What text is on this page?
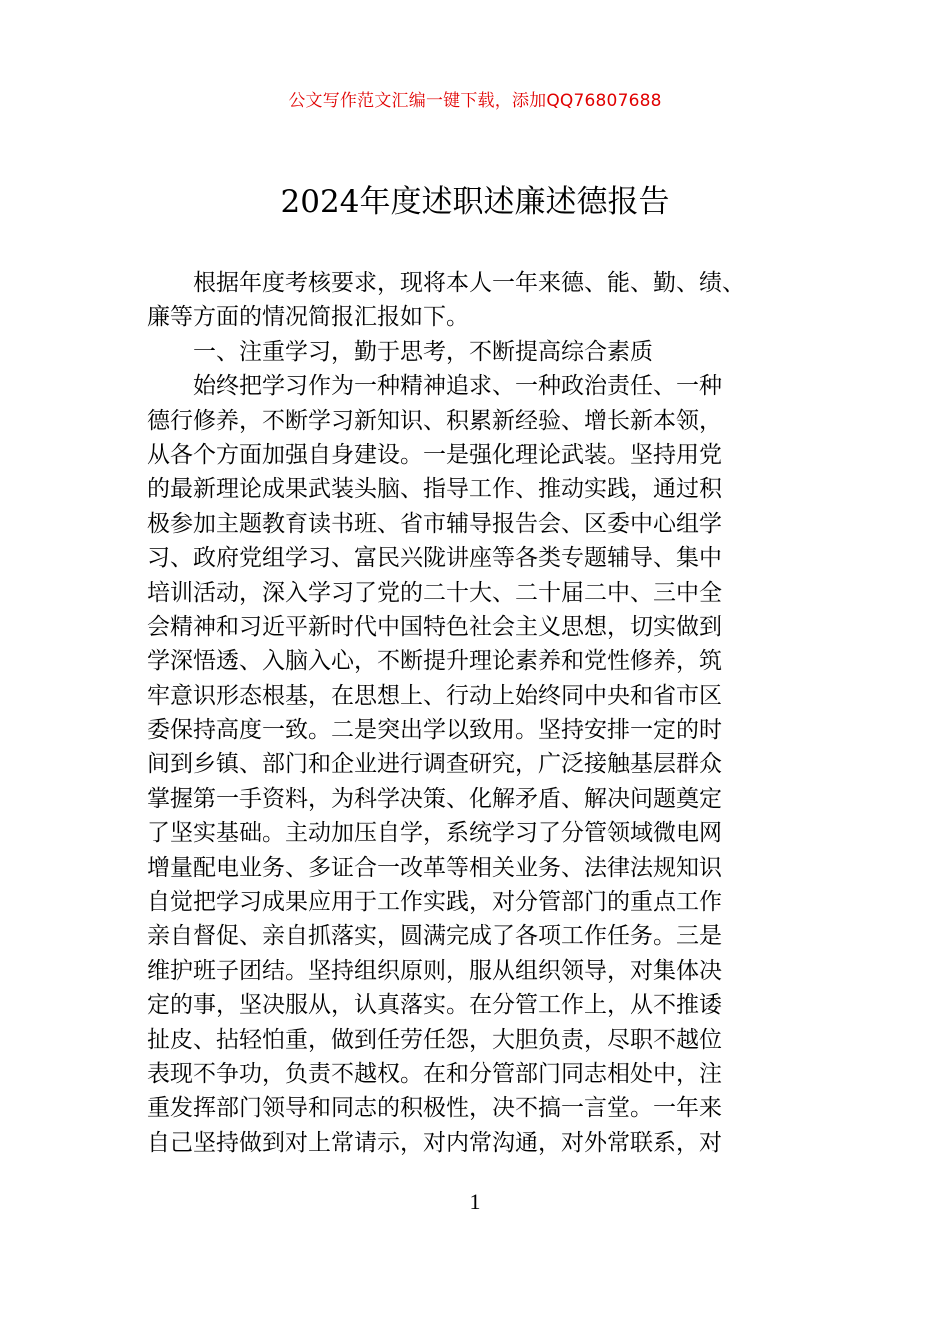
公文写作范文汇编一键下载，添加QQ76807688
2024年度述职述廉述德报告
根据年度考核要求，现将本人一年来德、能、勤、绩、
廉等方面的情况简报汇报如下。
一、注重学习，勤于思考，不断提高综合素质
始终把学习作为一种精神追求、一种政治责任、一种
德行修养，不断学习新知识、积累新经验、增长新本领，
从各个方面加强自身建设。一是强化理论武装。坚持用党
的最新理论成果武装头脑、指导工作、推动实践，通过积
极参加主题教育读书班、省市辅导报告会、区委中心组学
习、政府党组学习、富民兴陇讲座等各类专题辅导、集中
培训活动，深入学习了党的二十大、二十届二中、三中全
会精神和习近平新时代中国特色社会主义思想，切实做到
学深悟透、入脑入心，不断提升理论素养和党性修养，筑
牢意识形态根基，在思想上、行动上始终同中央和省市区
委保持高度一致。二是突出学以致用。坚持安排一定的时
间到乡镇、部门和企业进行调查研究，广泛接触基层群众
掌握第一手资料，为科学决策、化解矛盾、解决问题奠定
了坚实基础。主动加压自学，系统学习了分管领域微电网
增量配电业务、多证合一改革等相关业务、法律法规知识
自觉把学习成果应用于工作实践，对分管部门的重点工作
亲自督促、亲自抓落实，圆满完成了各项工作任务。三是
维护班子团结。坚持组织原则，服从组织领导，对集体决
定的事，坚决服从，认真落实。在分管工作上，从不推诿
扯皮、拈轻怕重，做到任劳任怨，大胆负责，尽职不越位
表现不争功，负责不越权。在和分管部门同志相处中，注
重发挥部门领导和同志的积极性，决不搞一言堂。一年来
自己坚持做到对上常请示，对内常沟通，对外常联系，对
1
